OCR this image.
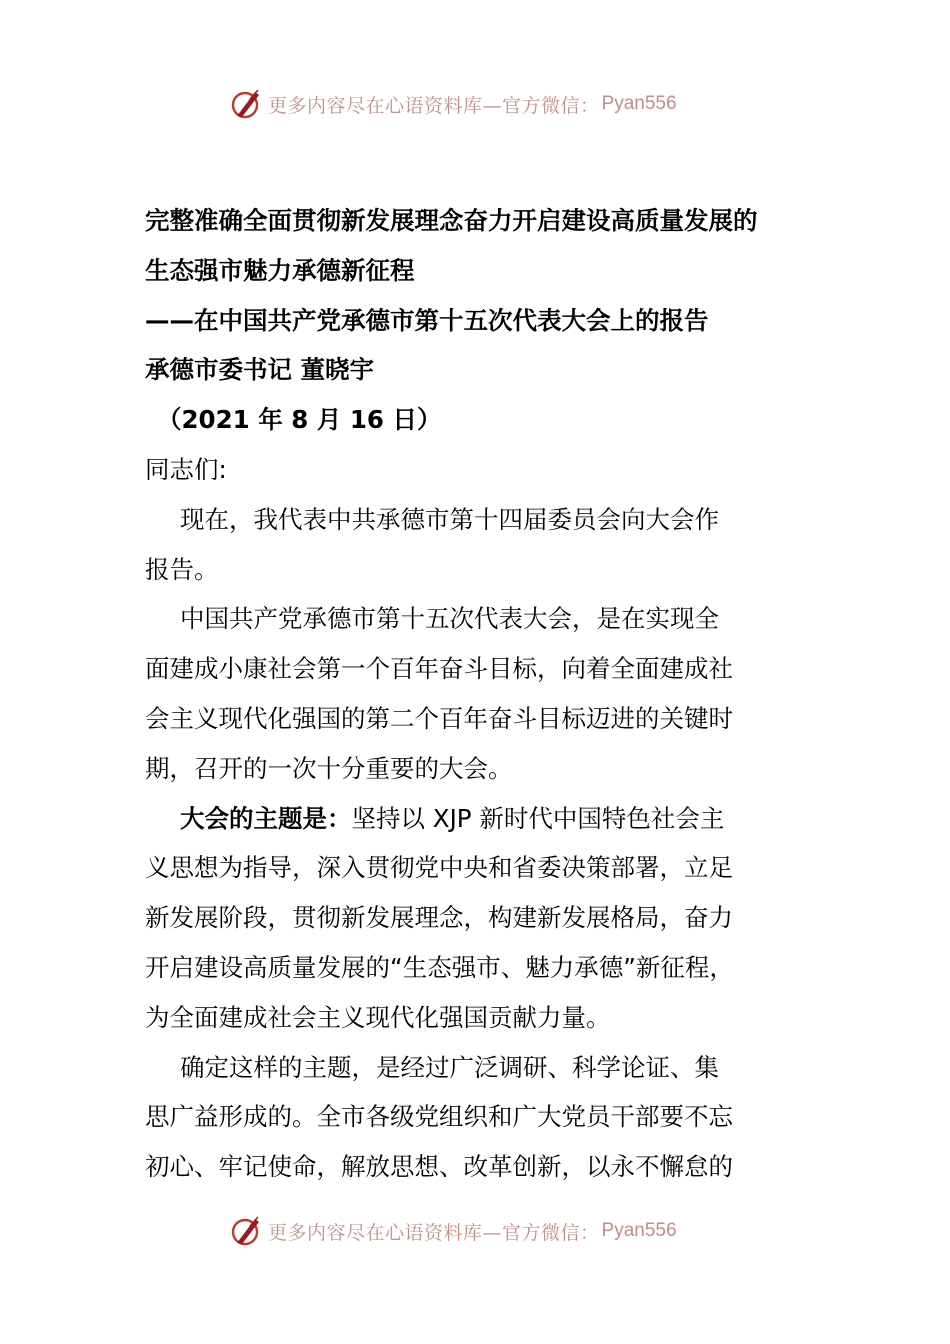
更多内容尽在心语资料库—官方微信： Pyan556
完整准确全面贯彻新发展理念奋力开启建设高质量发展的
生态强市魅力承德新征程
——在中国共产党承德市第十五次代表大会上的报告
承德市委书记 董晓宇
（2021 年 8 月 16 日）
同志们:
现在，我代表中共承德市第十四届委员会向大会作
报告。
中国共产党承德市第十五次代表大会，是在实现全
面建成小康社会第一个百年奋斗目标，向着全面建成社
会主义现代化强国的第二个百年奋斗目标迈进的关键时
期，召开的一次十分重要的大会。
大会的主题是：坚持以 XJP 新时代中国特色社会主
义思想为指导，深入贯彻党中央和省委决策部署，立足
新发展阶段，贯彻新发展理念，构建新发展格局，奋力
开启建设高质量发展的“生态强市、魅力承德”新征程，
为全面建成社会主义现代化强国贡献力量。
确定这样的主题，是经过广泛调研、科学论证、集
思广益形成的。全市各级党组织和广大党员干部要不忘
初心、牢记使命，解放思想、改革创新，以永不懈怠的
更多内容尽在心语资料库—官方微信： Pyan556
